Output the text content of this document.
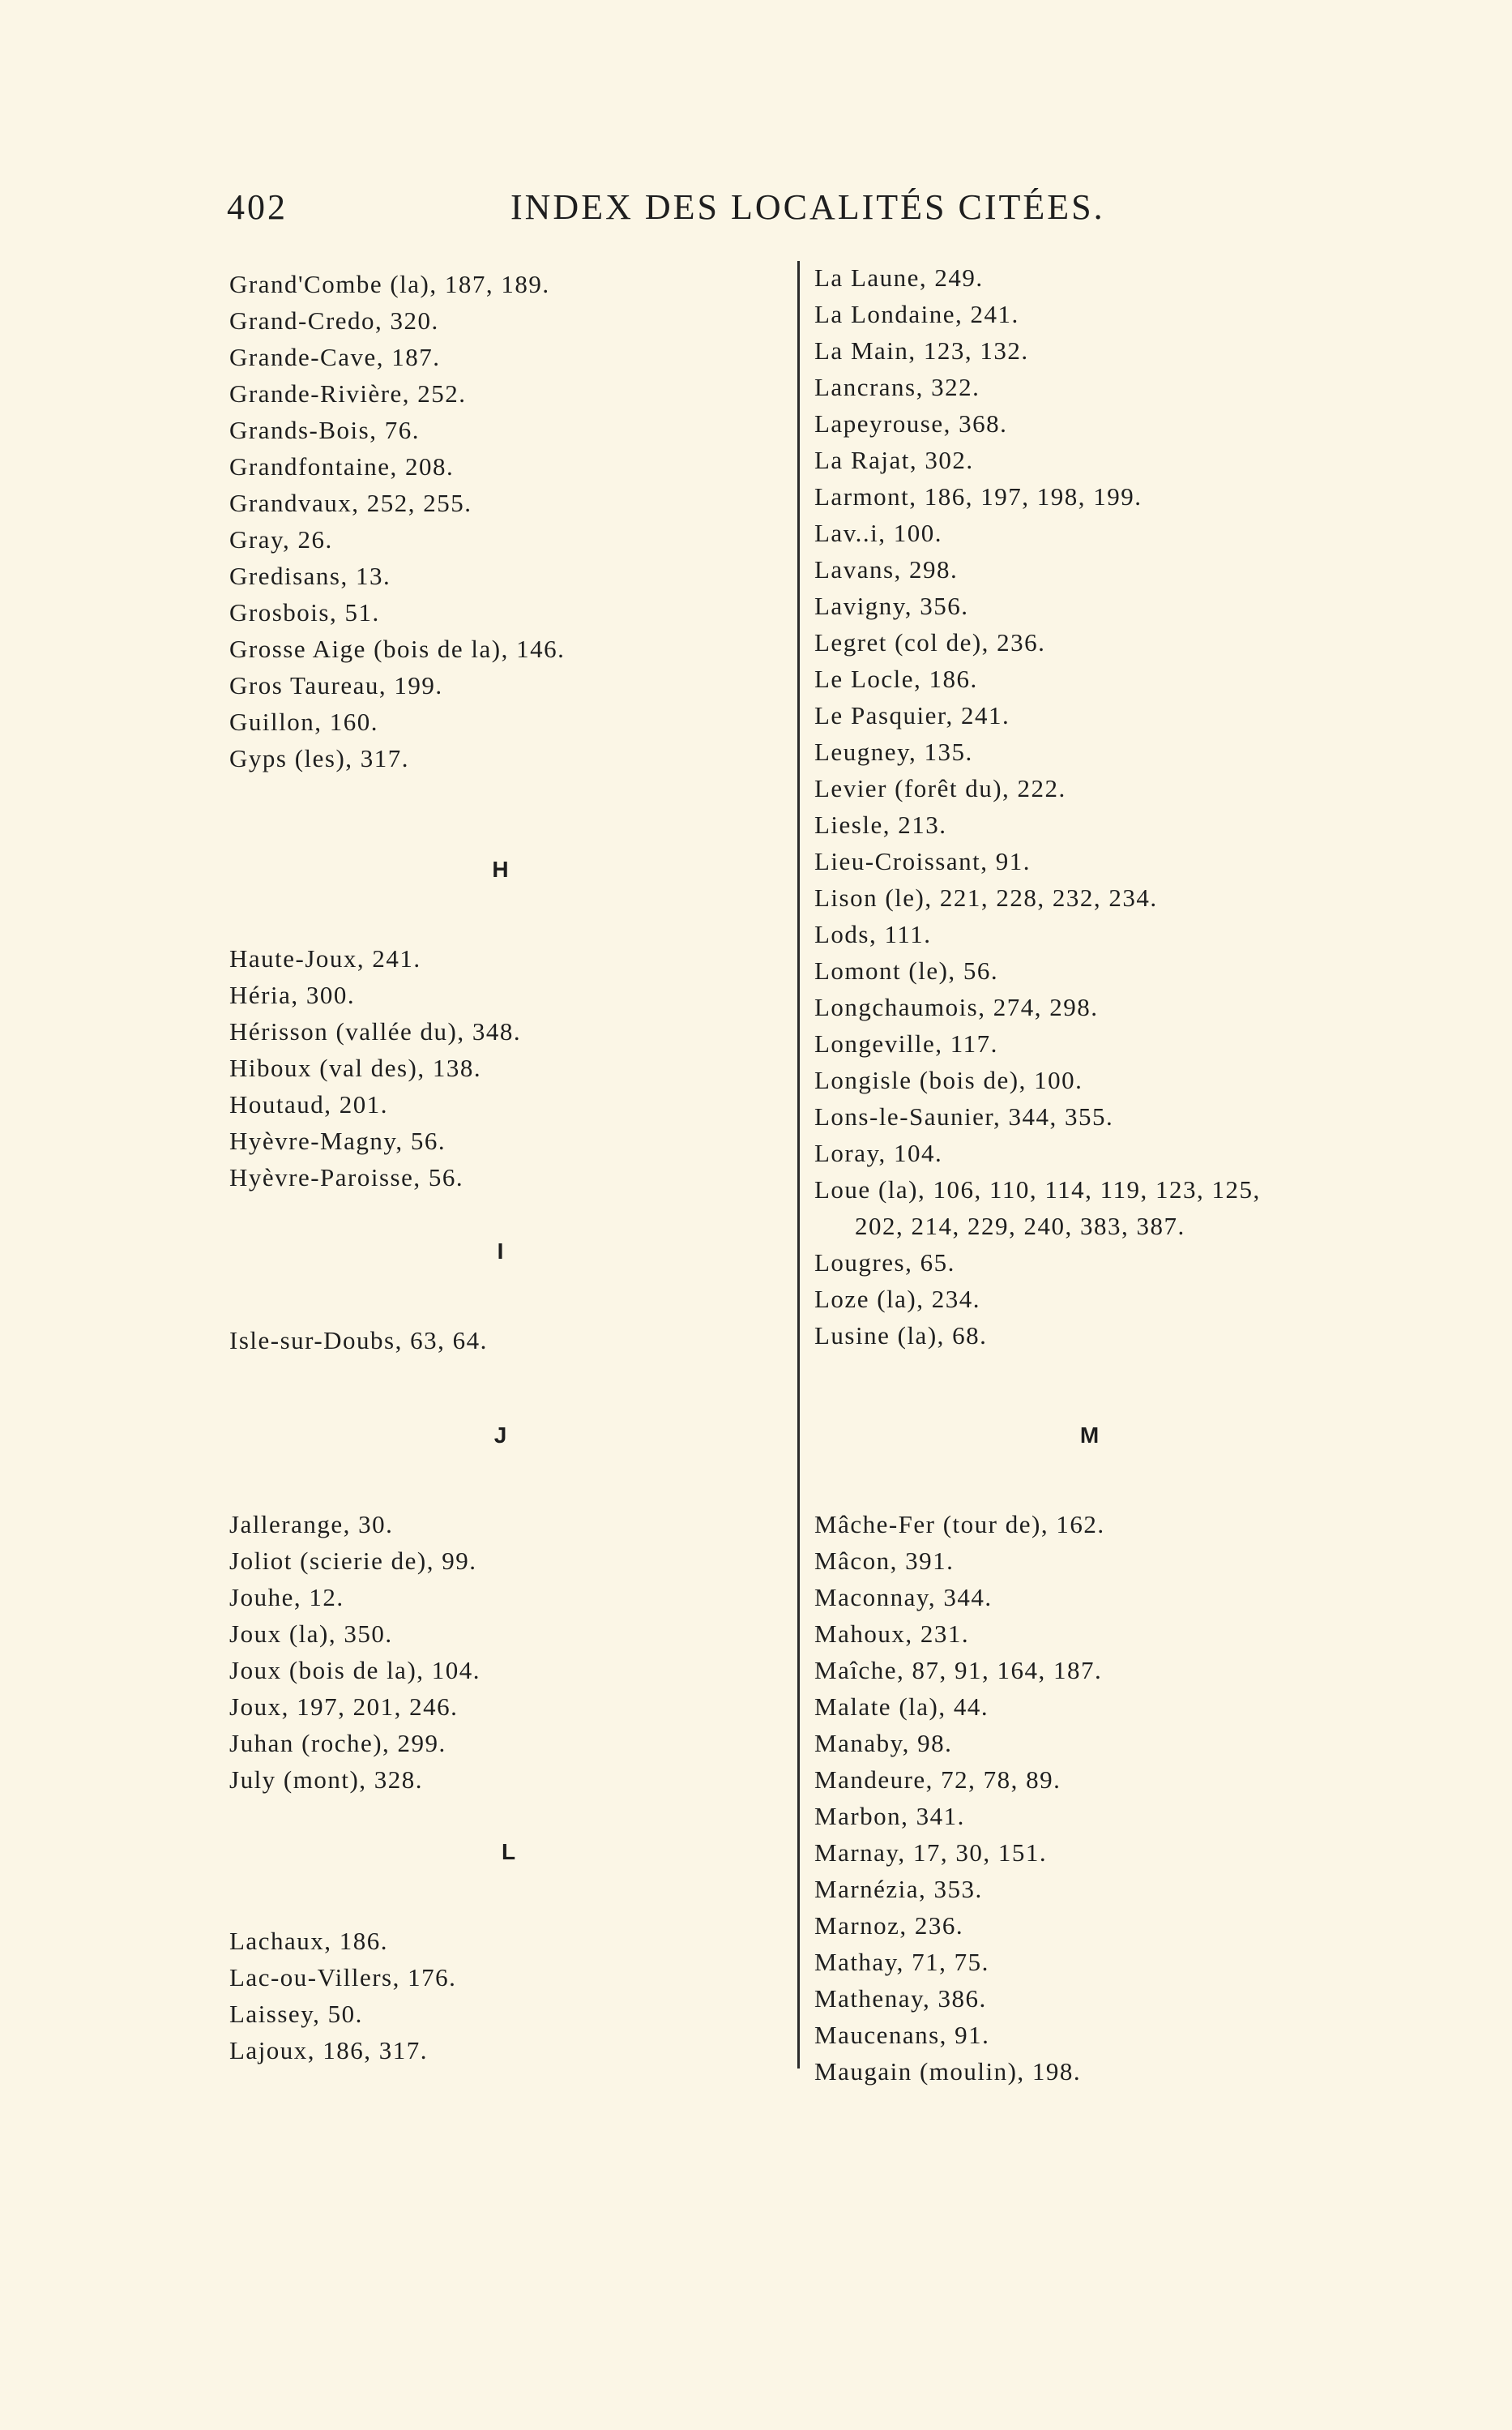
402	INDEX DES LOCALITÉS CITÉES.
Grand'Combe (la), 187, 189.
Grand-Credo, 320.
Grande-Cave, 187.
Grande-Rivière, 252.
Grands-Bois, 76.
Grandfontaine, 208.
Grandvaux, 252, 255.
Gray, 26.
Gredisans, 13.
Grosbois, 51.
Grosse Aige (bois de la), 146.
Gros Taureau, 199.
Guillon, 160.
Gyps (les), 317.
H
Haute-Joux, 241.
Héria, 300.
Hérisson (vallée du), 348.
Hiboux (val des), 138.
Houtaud, 201.
Hyèvre-Magny, 56.
Hyèvre-Paroisse, 56.
I
Isle-sur-Doubs, 63, 64.
J
Jallerange, 30.
Joliot (scierie de), 99.
Jouhe, 12.
Joux (la), 350.
Joux (bois de la), 104.
Joux, 197, 201, 246.
Juhan (roche), 299.
July (mont), 328.
L
Lachaux, 186.
Lac-ou-Villers, 176.
Laissey, 50.
Lajoux, 186, 317.
La Laune, 249.
La Londaine, 241.
La Main, 123, 132.
Lancrans, 322.
Lapeyrouse, 368.
La Rajat, 302.
Larmont, 186, 197, 198, 199.
Lav..i, 100.
Lavans, 298.
Lavigny, 356.
Legret (col de), 236.
Le Locle, 186.
Le Pasquier, 241.
Leugney, 135.
Levier (forêt du), 222.
Liesle, 213.
Lieu-Croissant, 91.
Lison (le), 221, 228, 232, 234.
Lods, 111.
Lomont (le), 56.
Longchaumois, 274, 298.
Longeville, 117.
Longisle (bois de), 100.
Lons-le-Saunier, 344, 355.
Loray, 104.
Loue (la), 106, 110, 114, 119, 123, 125,
202, 214, 229, 240, 383, 387.
Lougres, 65.
Loze (la), 234.
Lusine (la), 68.
M
Mâche-Fer (tour de), 162.
Mâcon, 391.
Maconnay, 344.
Mahoux, 231.
Maîche, 87, 91, 164, 187.
Malate (la), 44.
Manaby, 98.
Mandeure, 72, 78, 89.
Marbon, 341.
Marnay, 17, 30, 151.
Marnézia, 353.
Marnoz, 236.
Mathay, 71, 75.
Mathenay, 386.
Maucenans, 91.
Maugain (moulin), 198.
